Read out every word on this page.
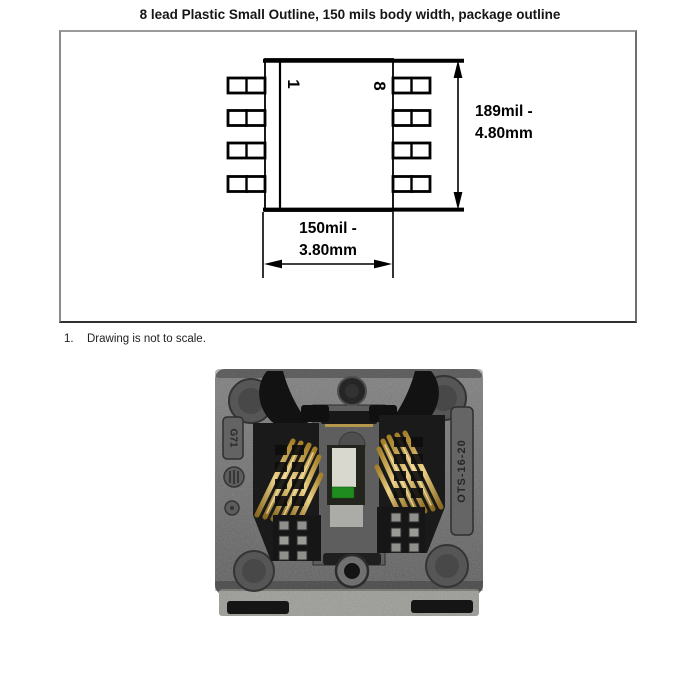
8 lead Plastic Small Outline, 150 mils body width, package outline
1	8
189mil -
4.80mm
150mil -
3.80mm
1. Drawing is not to scale.
G71
OTS-16-20
